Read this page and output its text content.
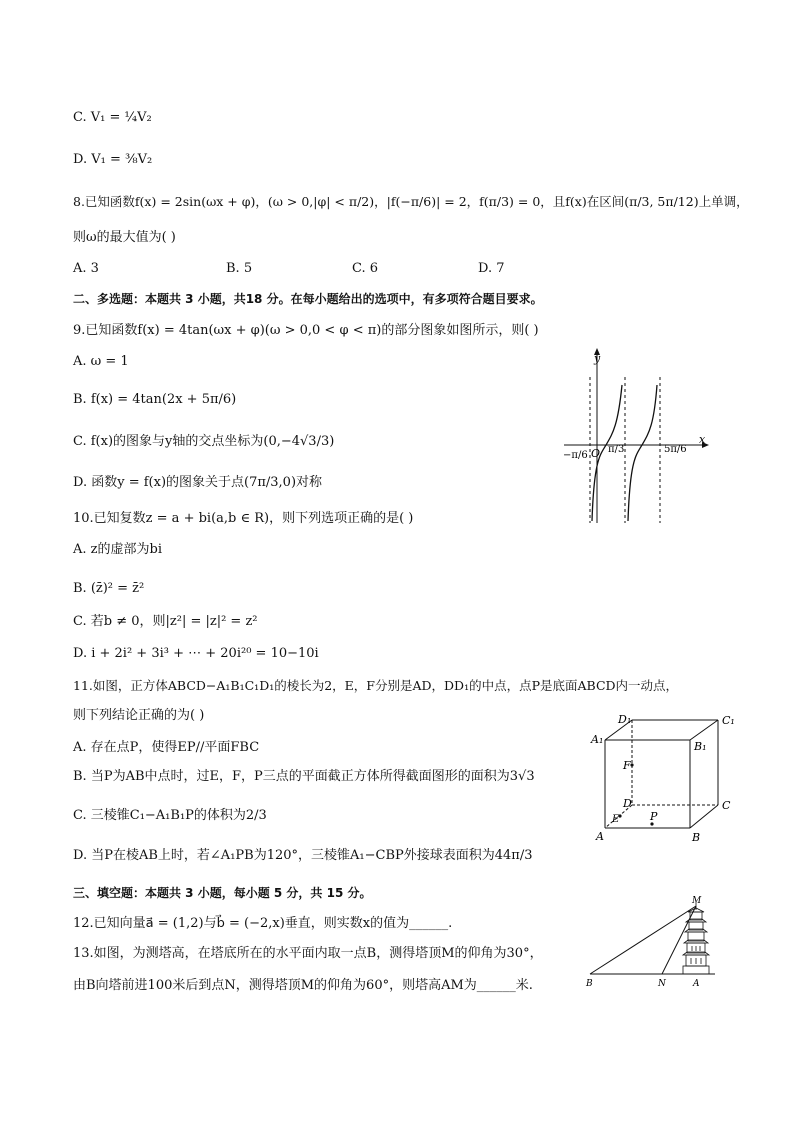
C. V₁ = ¼V₂
D. V₁ = ⅜V₂
8.已知函数f(x) = 2sin(ωx + φ)，(ω > 0,|φ| < π/2)，|f(−π/6)| = 2，f(π/3) = 0，且f(x)在区间(π/3, 5π/12)上单调，
则ω的最大值为( )
A. 3	B. 5	C. 6	D. 7
二、多选题：本题共 3 小题，共18 分。在每小题给出的选项中，有多项符合题目要求。
9.已知函数f(x) = 4tan(ωx + φ)(ω > 0,0 < φ < π)的部分图象如图所示，则( )
A. ω = 1
B. f(x) = 4tan(2x + 5π/6)
C. f(x)的图象与y轴的交点坐标为(0,−4√3/3)
D. 函数y = f(x)的图象关于点(7π/3,0)对称
y
x
O
−π/6
π/3	5π/6
10.已知复数z = a + bi(a,b ∈ R)，则下列选项正确的是( )
A. z的虚部为bi
B. (z̄)² = z̄²
C. 若b ≠ 0，则|z²| = |z|² = z²
D. i + 2i² + 3i³ + ⋯ + 20i²⁰ = 10−10i
11.如图，正方体ABCD−A₁B₁C₁D₁的棱长为2，E，F分别是AD，DD₁的中点，点P是底面ABCD内一动点，
则下列结论正确的为( )
A. 存在点P，使得EP//平面FBC
B. 当P为AB中点时，过E，F，P三点的平面截正方体所得截面图形的面积为3√3
C. 三棱锥C₁−A₁B₁P的体积为2/3
D. 当P在棱AB上时，若∠A₁PB为120°，三棱锥A₁−CBP外接球表面积为44π/3
D₁	C₁
A₁
B₁
F
D	C
E	P
A	B
三、填空题：本题共 3 小题，每小题 5 分，共 15 分。
12.已知向量a⃗ = (1,2)与b⃗ = (−2,x)垂直，则实数x的值为______.
13.如图，为测塔高，在塔底所在的水平面内取一点B，测得塔顶M的仰角为30°，
由B向塔前进100米后到点N，测得塔顶M的仰角为60°，则塔高AM为______米.
M
B	N	A
